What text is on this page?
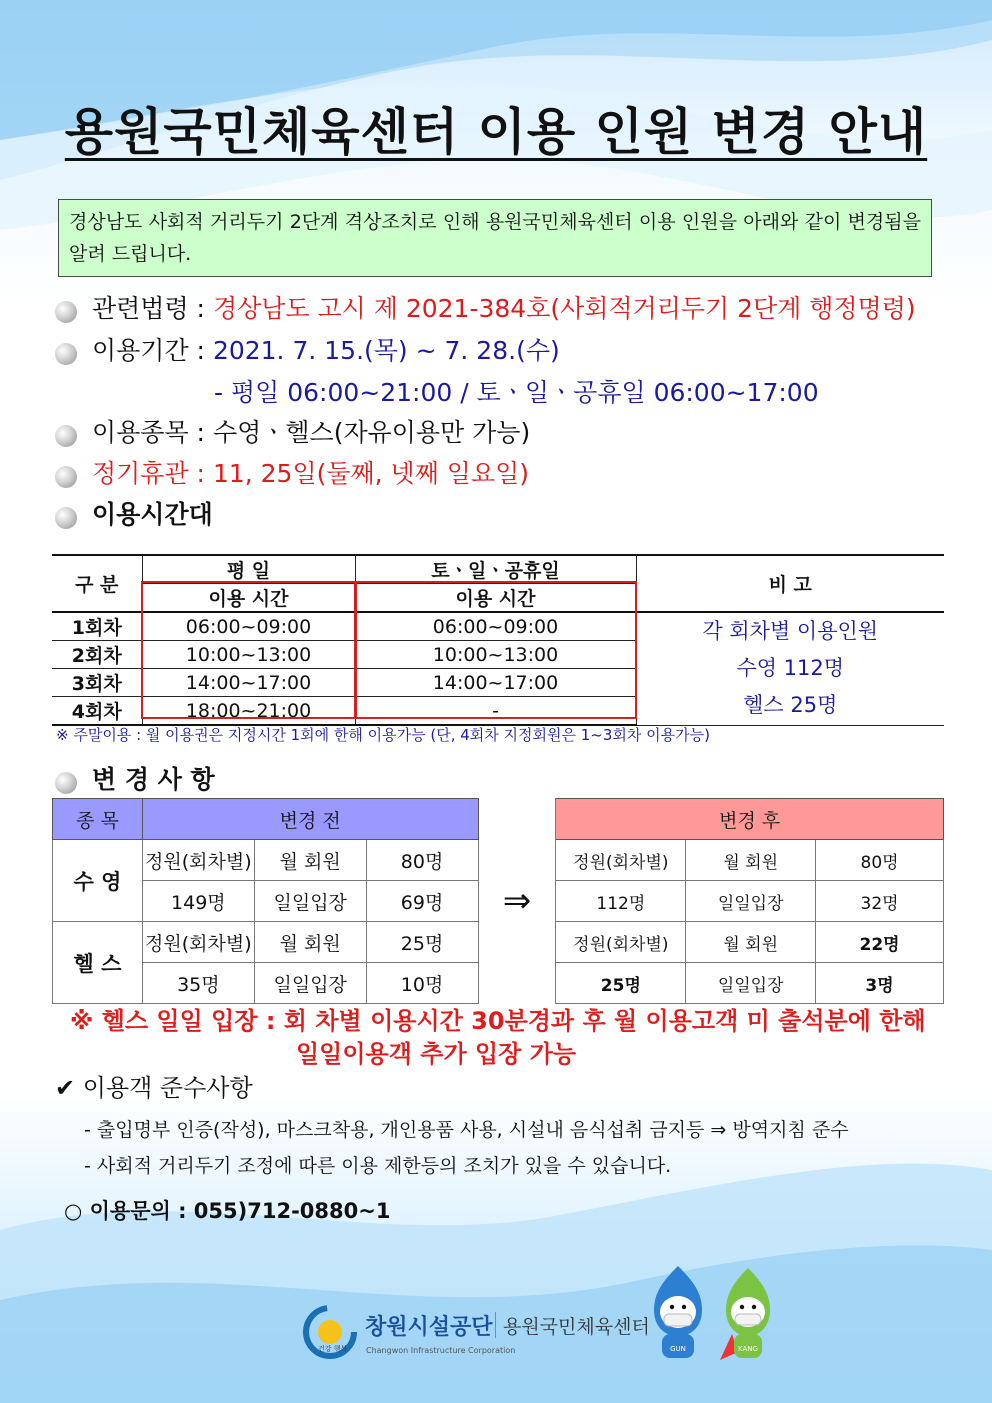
용원국민체육센터 이용 인원 변경 안내
경상남도 사회적 거리두기 2단계 격상조치로 인해 용원국민체육센터 이용 인원을 아래와 같이 변경됨을 알려 드립니다.
관련법령 : 경상남도 고시 제 2021-384호(사회적거리두기 2단계 행정명령)
이용기간 : 2021. 7. 15.(목) ~ 7. 28.(수)
- 평일 06:00~21:00 / 토ㆍ일ㆍ공휴일 06:00~17:00
이용종목 : 수영ㆍ헬스(자유이용만 가능)
정기휴관 : 11, 25일(둘째, 넷째 일요일)
이용시간대
구 분	평 일	토ㆍ일ㆍ공휴일	비 고
	이용 시간	이용 시간	
1회차	06:00~09:00	06:00~09:00	각 회차별 이용인원
수영 112명
헬스 25명

2회차	10:00~13:00	10:00~13:00	
3회차	14:00~17:00	14:00~17:00	
4회차	18:00~21:00	-	
※ 주말이용 : 월 이용권은 지정시간 1회에 한해 이용가능 (단, 4회차 지정회원은 1~3회차 이용가능)
변 경 사 항
종 목	변경 전			⇒	변경 후		
수 영	정원(회차별)	월 회원	80명		정원(회차별)	월 회원	80명
	149명	일일입장	69명		112명	일일입장	32명
헬 스	정원(회차별)	월 회원	25명		정원(회차별)	월 회원	22명
	35명	일일입장	10명		25명	일일입장	3명
※ 헬스 일일 입장 : 회 차별 이용시간 30분경과 후 월 이용고객 미 출석분에 한해
일일이용객 추가 입장 가능
✔ 이용객 준수사항
- 출입명부 인증(작성), 마스크착용, 개인용품 사용, 시설내 음식섭취 금지등 ⇒ 방역지침 준수
- 사회적 거리두기 조정에 따른 이용 제한등의 조치가 있을 수 있습니다.
○ 이용문의 : 055)712-0880~1
건강 행복
창원시설공단 용원국민체육센터
Changwon Infrastructure Corporation	GUN	KANG
